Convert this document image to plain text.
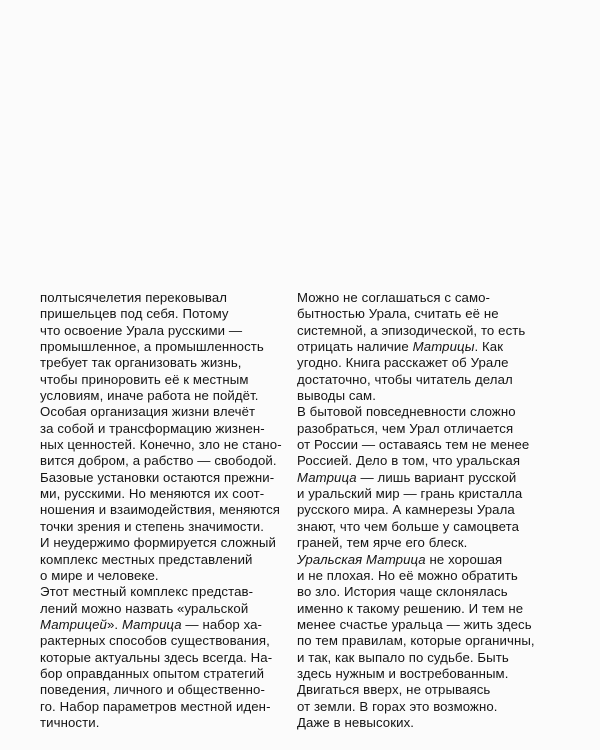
полтысячелетия перековывал
пришельцев под себя. Потому
что освоение Урала русскими —
промышленное, а промышленность
требует так организовать жизнь,
чтобы приноровить её к местным
условиям, иначе работа не пойдёт.
Особая организация жизни влечёт
за собой и трансформацию жизнен-
ных ценностей. Конечно, зло не стано-
вится добром, а рабство — свободой.
Базовые установки остаются прежни-
ми, русскими. Но меняются их соот-
ношения и взаимодействия, меняются
точки зрения и степень значимости.
И неудержимо формируется сложный
комплекс местных представлений
о мире и человеке.
Этот местный комплекс представ-
лений можно назвать «уральской
Матрицей». Матрица — набор ха-
рактерных способов существования,
которые актуальны здесь всегда. На-
бор оправданных опытом стратегий
поведения, личного и общественно-
го. Набор параметров местной иден-
тичности.
Можно не соглашаться с само-
бытностью Урала, считать её не
системной, а эпизодической, то есть
отрицать наличие Матрицы. Как
угодно. Книга расскажет об Урале
достаточно, чтобы читатель делал
выводы сам.
В бытовой повседневности сложно
разобраться, чем Урал отличается
от России — оставаясь тем не менее
Россией. Дело в том, что уральская
Матрица — лишь вариант русской
и уральский мир — грань кристалла
русского мира. А камнерезы Урала
знают, что чем больше у самоцвета
граней, тем ярче его блеск.
Уральская Матрица не хорошая
и не плохая. Но её можно обратить
во зло. История чаще склонялась
именно к такому решению. И тем не
менее счастье уральца — жить здесь
по тем правилам, которые органичны,
и так, как выпало по судьбе. Быть
здесь нужным и востребованным.
Двигаться вверх, не отрываясь
от земли. В горах это возможно.
Даже в невысоких.
